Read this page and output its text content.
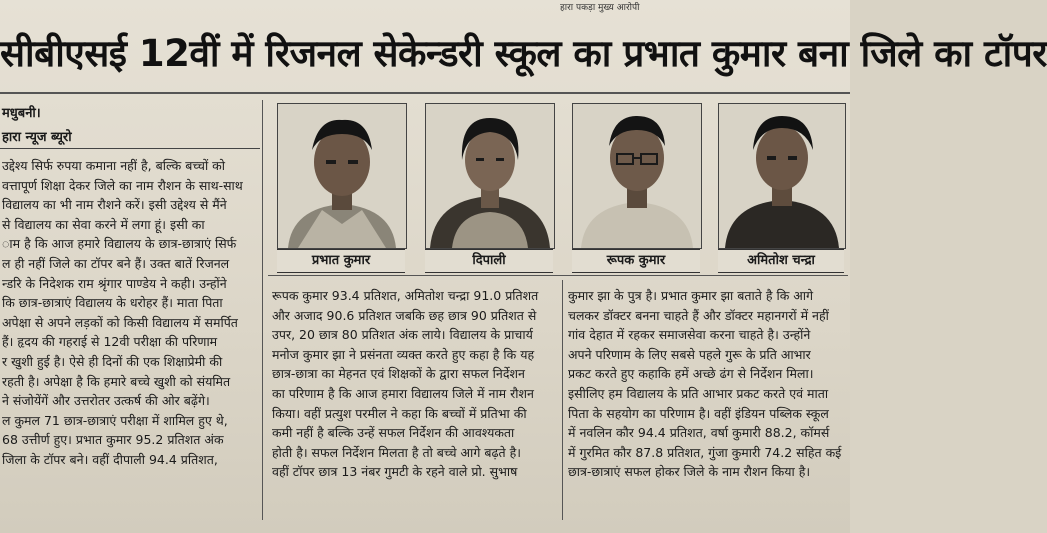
हारा पकड़ा मुख्य आरोपी
सीबीएसई 12वीं में रिजनल सेकेन्डरी स्कूल का प्रभात कुमार बना जिले का टॉपर
मधुबनी।
हारा न्यूज ब्यूरो
उद्देश्य सिर्फ रुपया कमाना नहीं है, बल्कि बच्चों को
वत्तापूर्ण शिक्षा देकर जिले का नाम रौशन के साथ-साथ
विद्यालय का भी नाम रौशने करें। इसी उद्देश्य से मैंने
से विद्यालय का सेवा करने में लगा हूं। इसी का
ाम है कि आज हमारे विद्यालय के छात्र-छात्राएं सिर्फ
ल ही नहीं जिले का टॉपर बने हैं। उक्त बातें रिजनल
न्डरि के निदेशक राम श्रृंगार पाण्डेय ने कही। उन्होंने
कि छात्र-छात्राएं विद्यालय के धरोहर हैं। माता पिता
अपेक्षा से अपने लड़कों को किसी विद्यालय में समर्पित
हैं। हृदय की गहराई से 12वी परीक्षा की परिणाम
र खुशी हुई है। ऐसे ही दिनों की एक शिक्षाप्रेमी की
रहती है। अपेक्षा है कि हमारे बच्चे खुशी को संयमित
ने संजोयेंगें और उत्तरोतर उत्कर्ष की ओर बढ़ेंगे।
ल कुमल 71 छात्र-छात्राएं परीक्षा में शामिल हुए थे,
68 उत्तीर्ण हुए। प्रभात कुमार 95.2 प्रतिशत अंक
जिला के टॉपर बने। वहीं दीपाली 94.4 प्रतिशत,
प्रभात कुमार	दिपाली	रूपक कुमार	अमितोश चन्द्रा
रूपक कुमार 93.4 प्रतिशत, अमितोश चन्द्रा 91.0 प्रतिशत
और अजाद 90.6 प्रतिशत जबकि छह छात्र 90 प्रतिशत से
उपर, 20 छात्र 80 प्रतिशत अंक लाये। विद्यालय के प्राचार्य
मनोज कुमार झा ने प्रसंनता व्यक्त करते हुए कहा है कि यह
छात्र-छात्रा का मेहनत एवं शिक्षकों के द्वारा सफल निर्देशन
का परिणाम है कि आज हमारा विद्यालय जिले में नाम रौशन
किया। वहीं प्रत्युश परमील ने कहा कि बच्चों में प्रतिभा की
कमी नहीं है बल्कि उन्हें सफल निर्देशन की आवश्यकता
होती है। सफल निर्देशन मिलता है तो बच्चे आगे बढ़ते है।
वहीं टॉपर छात्र 13 नंबर गुमटी के रहने वाले प्रो. सुभाष
कुमार झा के पुत्र है। प्रभात कुमार झा बताते है कि आगे
चलकर डॉक्टर बनना चाहते हैं और डॉक्टर महानगरों में नहीं
गांव देहात में रहकर समाजसेवा करना चाहते है। उन्होंने
अपने परिणाम के लिए सबसे पहले गुरू के प्रति आभार
प्रकट करते हुए कहाकि हमें अच्छे ढंग से निर्देशन मिला।
इसीलिए हम विद्यालय के प्रति आभार प्रकट करते एवं माता
पिता के सहयोग का परिणाम है। वहीं इंडियन पब्लिक स्कूल
में नवलिन कौर 94.4 प्रतिशत, वर्षा कुमारी 88.2, कॉमर्स
में गुरमित कौर 87.8 प्रतिशत, गुंजा कुमारी 74.2 सहित कई
छात्र-छात्राएं सफल होकर जिले के नाम रौशन किया है।
